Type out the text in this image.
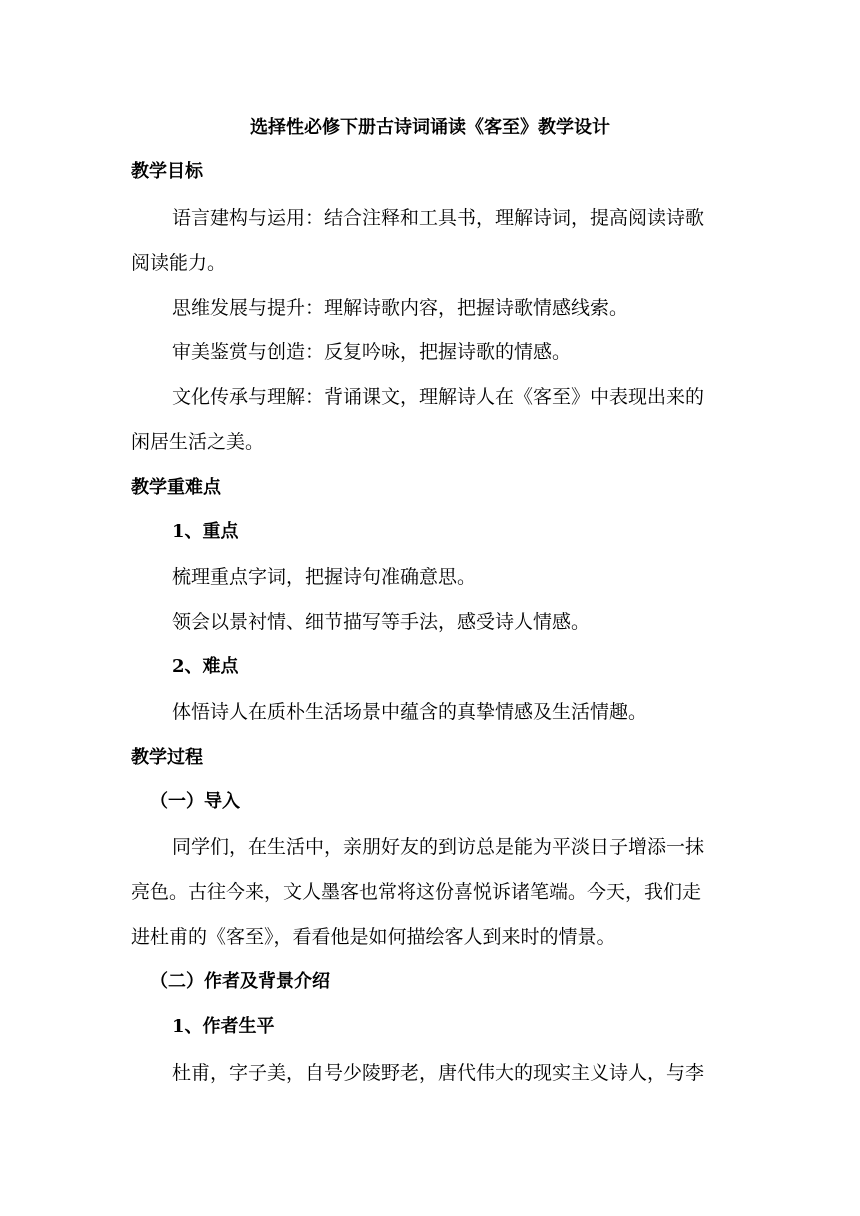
选择性必修下册古诗词诵读《客至》教学设计
教学目标
语言建构与运用：结合注释和工具书，理解诗词，提高阅读诗歌
阅读能力。
思维发展与提升：理解诗歌内容，把握诗歌情感线索。
审美鉴赏与创造：反复吟咏，把握诗歌的情感。
文化传承与理解：背诵课文，理解诗人在《客至》中表现出来的
闲居生活之美。
教学重难点
1、重点
梳理重点字词，把握诗句准确意思。
领会以景衬情、细节描写等手法，感受诗人情感。
2、难点
体悟诗人在质朴生活场景中蕴含的真挚情感及生活情趣。
教学过程
（一）导入
同学们，在生活中，亲朋好友的到访总是能为平淡日子增添一抹
亮色。古往今来，文人墨客也常将这份喜悦诉诸笔端。今天，我们走
进杜甫的《客至》，看看他是如何描绘客人到来时的情景。
（二）作者及背景介绍
1、作者生平
杜甫，字子美，自号少陵野老，唐代伟大的现实主义诗人，与李
